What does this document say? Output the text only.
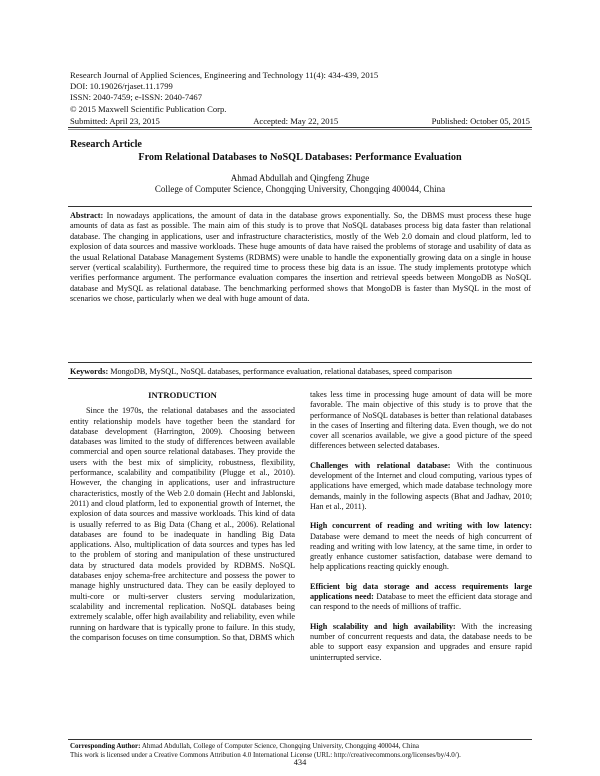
Research Journal of Applied Sciences, Engineering and Technology 11(4): 434-439, 2015
DOI: 10.19026/rjaset.11.1799
ISSN: 2040-7459; e-ISSN: 2040-7467
© 2015 Maxwell Scientific Publication Corp.
Submitted: April 23, 2015	Accepted: May 22, 2015	Published: October 05, 2015
Research Article
From Relational Databases to NoSQL Databases: Performance Evaluation
Ahmad Abdullah and Qingfeng Zhuge
College of Computer Science, Chongqing University, Chongqing 400044, China
Abstract: In nowadays applications, the amount of data in the database grows exponentially. So, the DBMS must process these huge amounts of data as fast as possible. The main aim of this study is to prove that NoSQL databases process big data faster than relational database. The changing in applications, user and infrastructure characteristics, mostly of the Web 2.0 domain and cloud platform, led to explosion of data sources and massive workloads. These huge amounts of data have raised the problems of storage and usability of data as the usual Relational Database Management Systems (RDBMS) were unable to handle the exponentially growing data on a single in house server (vertical scalability). Furthermore, the required time to process these big data is an issue. The study implements prototype which verifies performance argument. The performance evaluation compares the insertion and retrieval speeds between MongoDB as NoSQL database and MySQL as relational database. The benchmarking performed shows that MongoDB is faster than MySQL in the most of scenarios we chose, particularly when we deal with huge amount of data.
Keywords: MongoDB, MySQL, NoSQL databases, performance evaluation, relational databases, speed comparison
INTRODUCTION

Since the 1970s, the relational databases and the associated entity relationship models have together been the standard for database development (Harrington, 2009). Choosing between databases was limited to the study of differences between available commercial and open source relational databases. They provide the users with the best mix of simplicity, robustness, flexibility, performance, scalability and compatibility (Plugge et al., 2010). However, the changing in applications, user and infrastructure characteristics, mostly of the Web 2.0 domain (Hecht and Jablonski, 2011) and cloud platform, led to exponential growth of Internet, the explosion of data sources and massive workloads. This kind of data is usually referred to as Big Data (Chang et al., 2006). Relational databases are found to be inadequate in handling Big Data applications. Also, multiplication of data sources and types has led to the problem of storing and manipulation of these unstructured data by structured data models provided by RDBMS. NoSQL databases enjoy schema-free architecture and possess the power to manage highly unstructured data. They can be easily deployed to multi-core or multi-server clusters serving modularization, scalability and incremental replication. NoSQL databases being extremely scalable, offer high availability and reliability, even while running on hardware that is typically prone to failure. In this study, the comparison focuses on time consumption. So that, DBMS which

takes less time in processing huge amount of data will be more favorable. The main objective of this study is to prove that the performance of NoSQL databases is better than relational databases in the cases of Inserting and filtering data. Even though, we do not cover all scenarios available, we give a good picture of the speed differences between selected databases.

Challenges with relational database: With the continuous development of the Internet and cloud computing, various types of applications have emerged, which made database technology more demands, mainly in the following aspects (Bhat and Jadhav, 2010; Han et al., 2011).

High concurrent of reading and writing with low latency: Database were demand to meet the needs of high concurrent of reading and writing with low latency, at the same time, in order to greatly enhance customer satisfaction, database were demand to help applications reacting quickly enough.

Efficient big data storage and access requirements large applications need: Database to meet the efficient data storage and can respond to the needs of millions of traffic.

High scalability and high availability: With the increasing number of concurrent requests and data, the database needs to be able to support easy expansion and upgrades and ensure rapid uninterrupted service.

Corresponding Author: Ahmad Abdullah, College of Computer Science, Chongqing University, Chongqing 400044, China
This work is licensed under a Creative Commons Attribution 4.0 International License (URL: http://creativecommons.org/licenses/by/4.0/).
434
